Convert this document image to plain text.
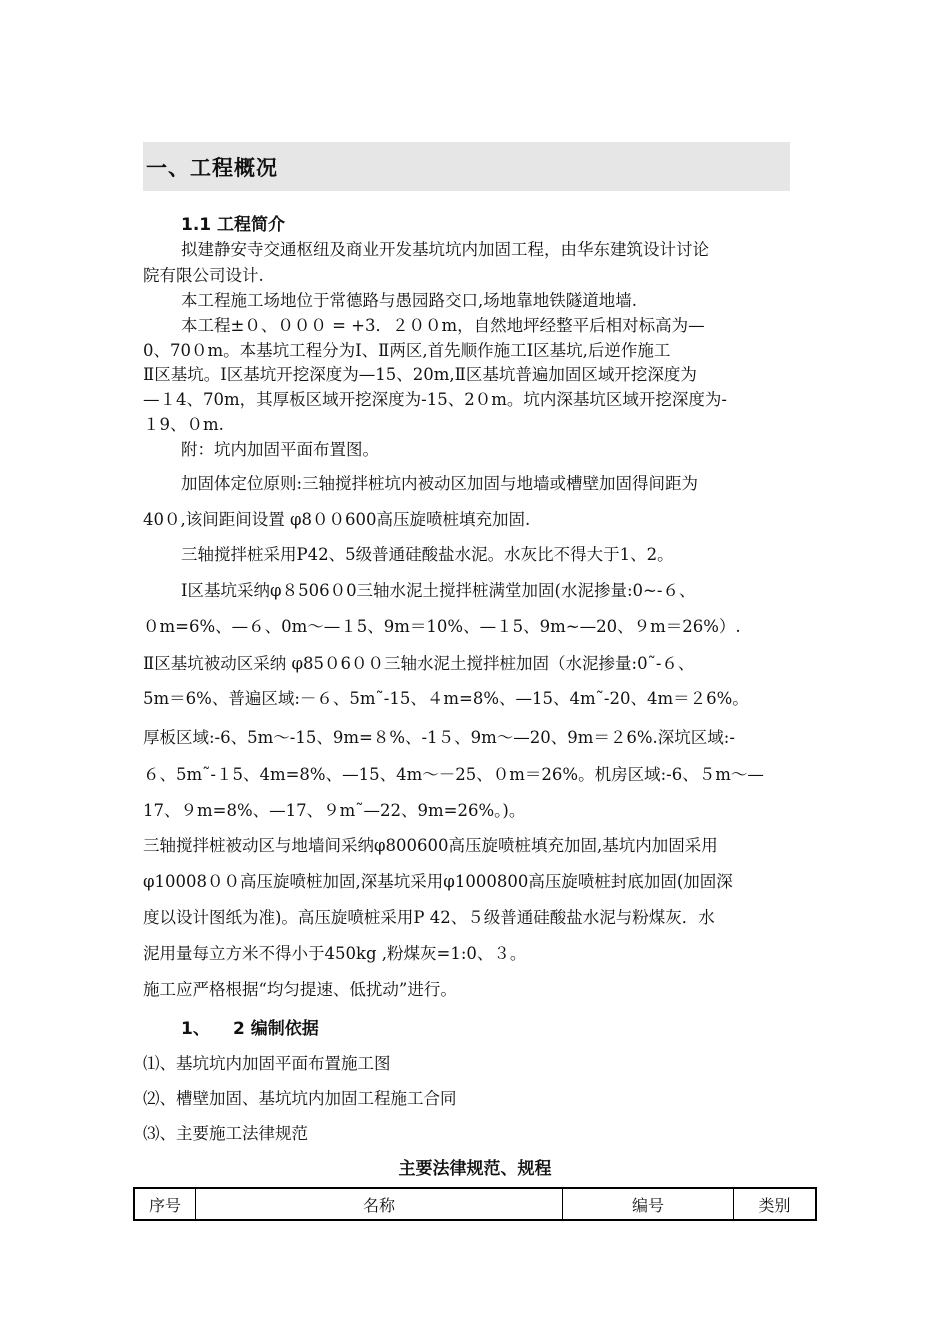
一、工程概况
1.1 工程简介
拟建静安寺交通枢纽及商业开发基坑坑内加固工程，由华东建筑设计讨论
院有限公司设计.
本工程施工场地位于常德路与愚园路交口,场地靠地铁隧道地墙.
本工程±０、０００ = +3．２００m，自然地坪经整平后相对标高为—
0、70０m。本基坑工程分为Ⅰ、Ⅱ两区,首先顺作施工Ⅰ区基坑,后逆作施工
Ⅱ区基坑。Ⅰ区基坑开挖深度为—15、20m,Ⅱ区基坑普遍加固区域开挖深度为
—１4、70m，其厚板区域开挖深度为-15、2０m。坑内深基坑区域开挖深度为-
１9、０m.
附：坑内加固平面布置图。
加固体定位原则:三轴搅拌桩坑内被动区加固与地墙或槽壁加固得间距为
40０,该间距间设置 φ8００600高压旋喷桩填充加固.
三轴搅拌桩采用P42、5级普通硅酸盐水泥。水灰比不得大于1、2。
Ⅰ区基坑采纳φ８506０0三轴水泥土搅拌桩满堂加固(水泥掺量:0~-６、
０m=6%、—６、0m～—１5、9m＝10%、—１5、9m~—20、９m＝26%）.
Ⅱ区基坑被动区采纳 φ85０6００三轴水泥土搅拌桩加固（水泥掺量:0˜-６、
5m＝6%、普遍区域:－６、5m˜-15、４m=8%、—15、4m˜-20、4m＝２6%。
厚板区域:-6、5m～-15、9m=８%、-1５、9m～—20、9m＝２6%.深坑区域:-
６、5m˜-１5、4m=8%、—15、4m～－25、０m＝26%。机房区域:-6、５m～—
17、９m=8%、—17、９m˜—22、9m=26%。)。
三轴搅拌桩被动区与地墙间采纳φ800600高压旋喷桩填充加固,基坑内加固采用
φ10008００高压旋喷桩加固,深基坑采用φ1000800高压旋喷桩封底加固(加固深
度以设计图纸为准)。高压旋喷桩采用P 42、５级普通硅酸盐水泥与粉煤灰．水
泥用量每立方米不得小于450kg ,粉煤灰=1:0、３。
施工应严格根据“均匀提速、低扰动”进行。
1、 2 编制依据
⑴、基坑坑内加固平面布置施工图
⑵、槽壁加固、基坑坑内加固工程施工合同
⑶、主要施工法律规范
主要法律规范、规程
序号	名称	编号	类别
